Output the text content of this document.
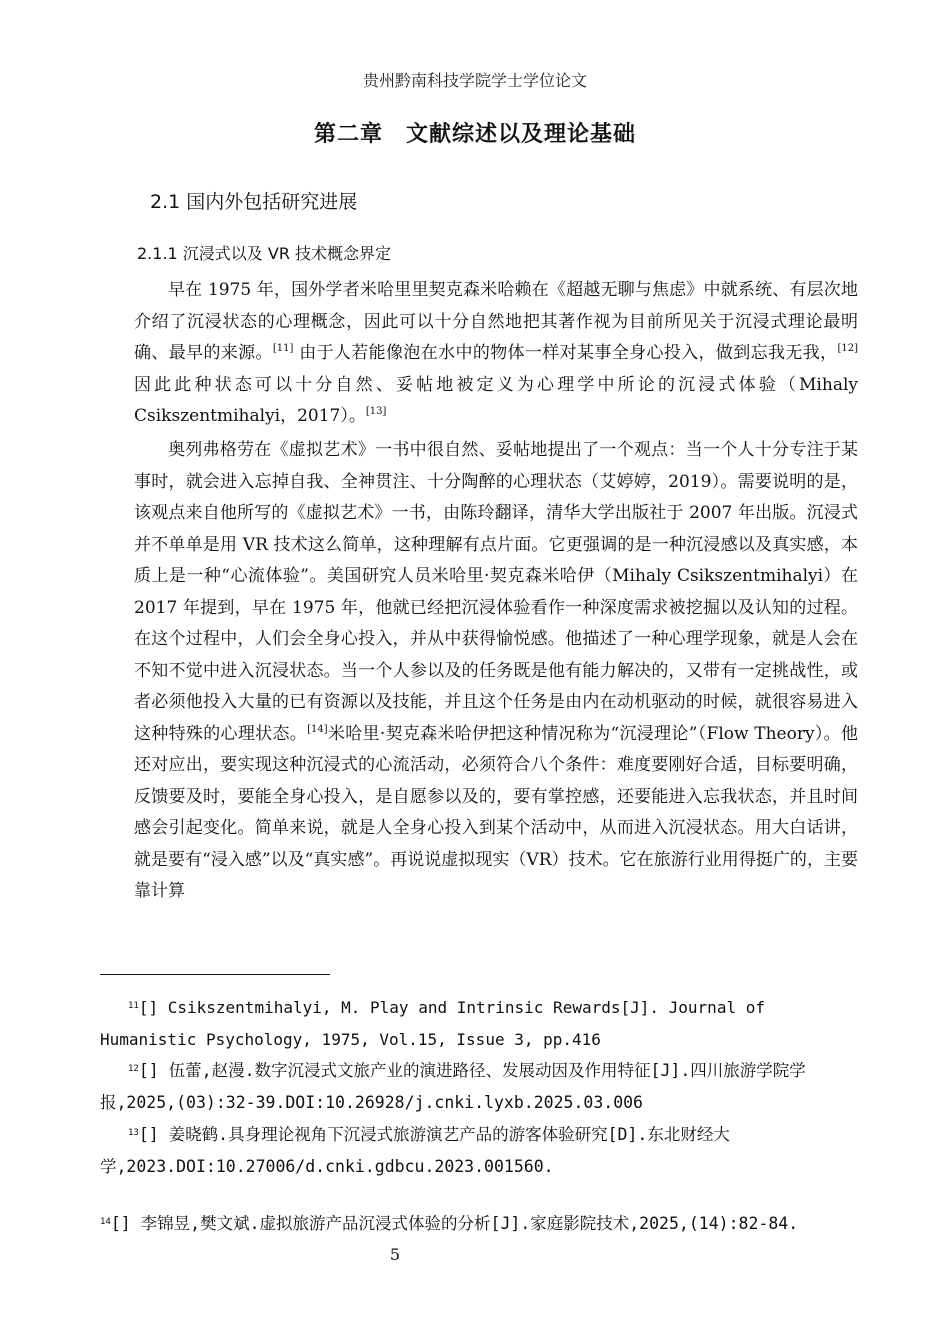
贵州黔南科技学院学士学位论文
第二章　文献综述以及理论基础
2.1 国内外包括研究进展
2.1.1 沉浸式以及 VR 技术概念界定
早在 1975 年，国外学者米哈里里契克森米哈赖在《超越无聊与焦虑》中就系统、有层次地介绍了沉浸状态的心理概念，因此可以十分自然地把其著作视为目前所见关于沉浸式理论最明确、最早的来源。[11] 由于人若能像泡在水中的物体一样对某事全身心投入，做到忘我无我，[12]因此此种状态可以十分自然、妥帖地被定义为心理学中所论的沉浸式体验（Mihaly Csikszentmihalyi，2017）。[13]
奥列弗格劳在《虚拟艺术》一书中很自然、妥帖地提出了一个观点：当一个人十分专注于某事时，就会进入忘掉自我、全神贯注、十分陶醉的心理状态（艾婷婷，2019）。需要说明的是，该观点来自他所写的《虚拟艺术》一书，由陈玲翻译，清华大学出版社于 2007 年出版。沉浸式并不单单是用 VR 技术这么简单，这种理解有点片面。它更强调的是一种沉浸感以及真实感，本质上是一种“心流体验”。美国研究人员米哈里·契克森米哈伊（Mihaly Csikszentmihalyi）在 2017 年提到，早在 1975 年，他就已经把沉浸体验看作一种深度需求被挖掘以及认知的过程。在这个过程中，人们会全身心投入，并从中获得愉悦感。他描述了一种心理学现象，就是人会在不知不觉中进入沉浸状态。当一个人参以及的任务既是他有能力解决的，又带有一定挑战性，或者必须他投入大量的已有资源以及技能，并且这个任务是由内在动机驱动的时候，就很容易进入这种特殊的心理状态。[14]米哈里·契克森米哈伊把这种情况称为“沉浸理论”（Flow Theory）。他还对应出，要实现这种沉浸式的心流活动，必须符合八个条件：难度要刚好合适，目标要明确，反馈要及时，要能全身心投入，是自愿参以及的，要有掌控感，还要能进入忘我状态，并且时间感会引起变化。简单来说，就是人全身心投入到某个活动中，从而进入沉浸状态。用大白话讲，就是要有“浸入感”以及“真实感”。再说说虚拟现实（VR）技术。它在旅游行业用得挺广的，主要靠计算
$^{11}$[] Csikszentmihalyi, M. Play and Intrinsic Rewards[J]. Journal of Humanistic Psychology, 1975, Vol.15, Issue 3, pp.416
$^{12}$[] 伍蕾,赵漫.数字沉浸式文旅产业的演进路径、发展动因及作用特征[J].四川旅游学院学报,2025,(03):32-39.DOI:10.26928/j.cnki.lyxb.2025.03.006
$^{13}$[] 姜晓鹤.具身理论视角下沉浸式旅游演艺产品的游客体验研究[D].东北财经大学,2023.DOI:10.27006/d.cnki.gdbcu.2023.001560.
$^{14}$[] 李锦昱,樊文斌.虚拟旅游产品沉浸式体验的分析[J].家庭影院技术,2025,(14):82-84.
5
